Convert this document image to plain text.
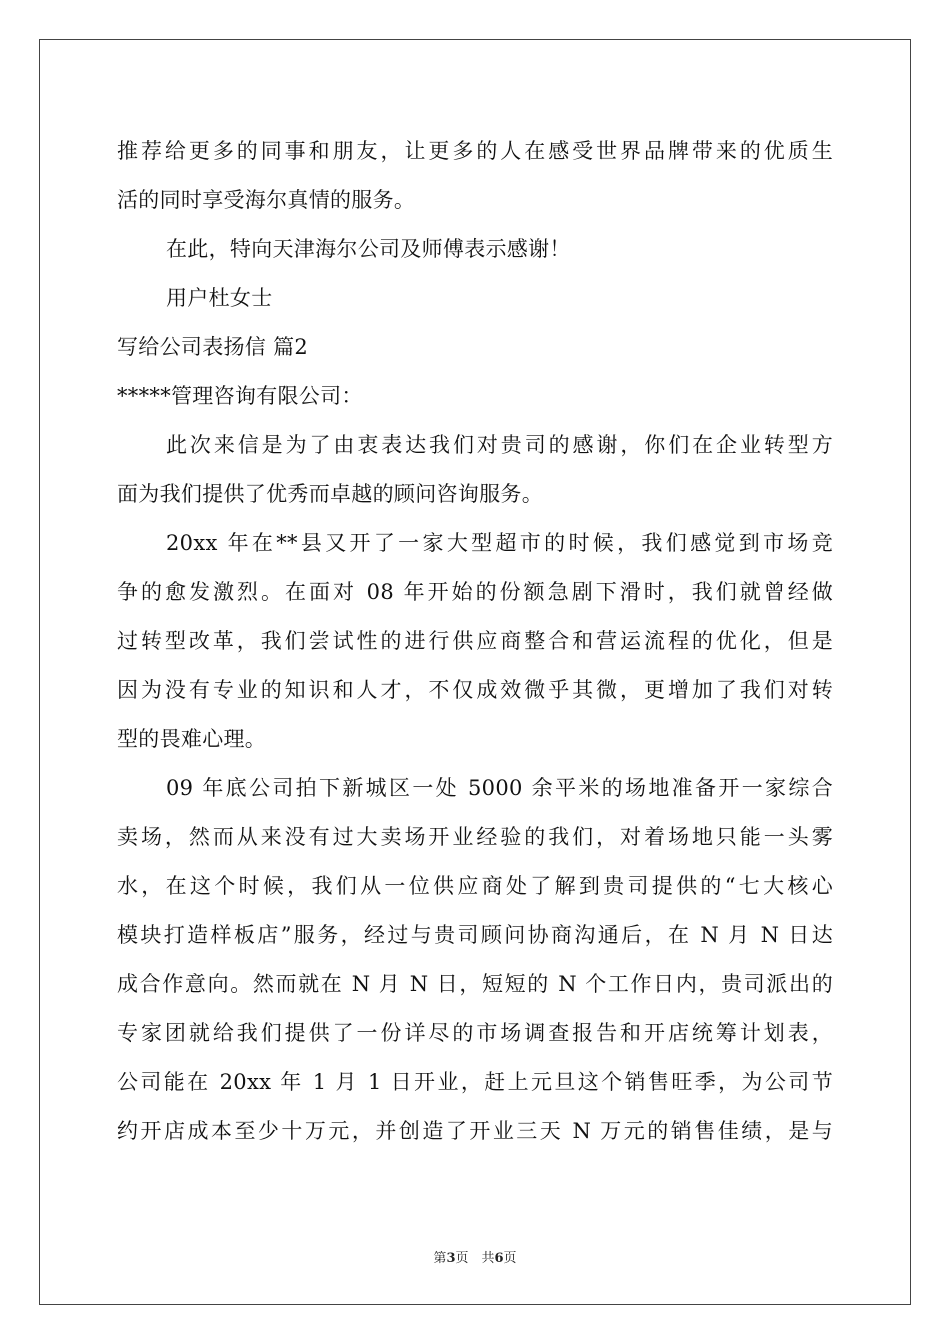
推荐给更多的同事和朋友，让更多的人在感受世界品牌带来的优质生
活的同时享受海尔真情的服务。
在此，特向天津海尔公司及师傅表示感谢！
用户杜女士
写给公司表扬信 篇2
*****管理咨询有限公司：
此次来信是为了由衷表达我们对贵司的感谢，你们在企业转型方
面为我们提供了优秀而卓越的顾问咨询服务。
20xx 年在**县又开了一家大型超市的时候，我们感觉到市场竞
争的愈发激烈。在面对 08 年开始的份额急剧下滑时，我们就曾经做
过转型改革，我们尝试性的进行供应商整合和营运流程的优化，但是
因为没有专业的知识和人才，不仅成效微乎其微，更增加了我们对转
型的畏难心理。
09 年底公司拍下新城区一处 5000 余平米的场地准备开一家综合
卖场，然而从来没有过大卖场开业经验的我们，对着场地只能一头雾
水，在这个时候，我们从一位供应商处了解到贵司提供的“七大核心
模块打造样板店”服务，经过与贵司顾问协商沟通后，在 N 月 N 日达
成合作意向。然而就在 N 月 N 日，短短的 N 个工作日内，贵司派出的
专家团就给我们提供了一份详尽的市场调查报告和开店统筹计划表，
公司能在 20xx 年 1 月 1 日开业，赶上元旦这个销售旺季，为公司节
约开店成本至少十万元，并创造了开业三天 N 万元的销售佳绩，是与
第3页　共6页
